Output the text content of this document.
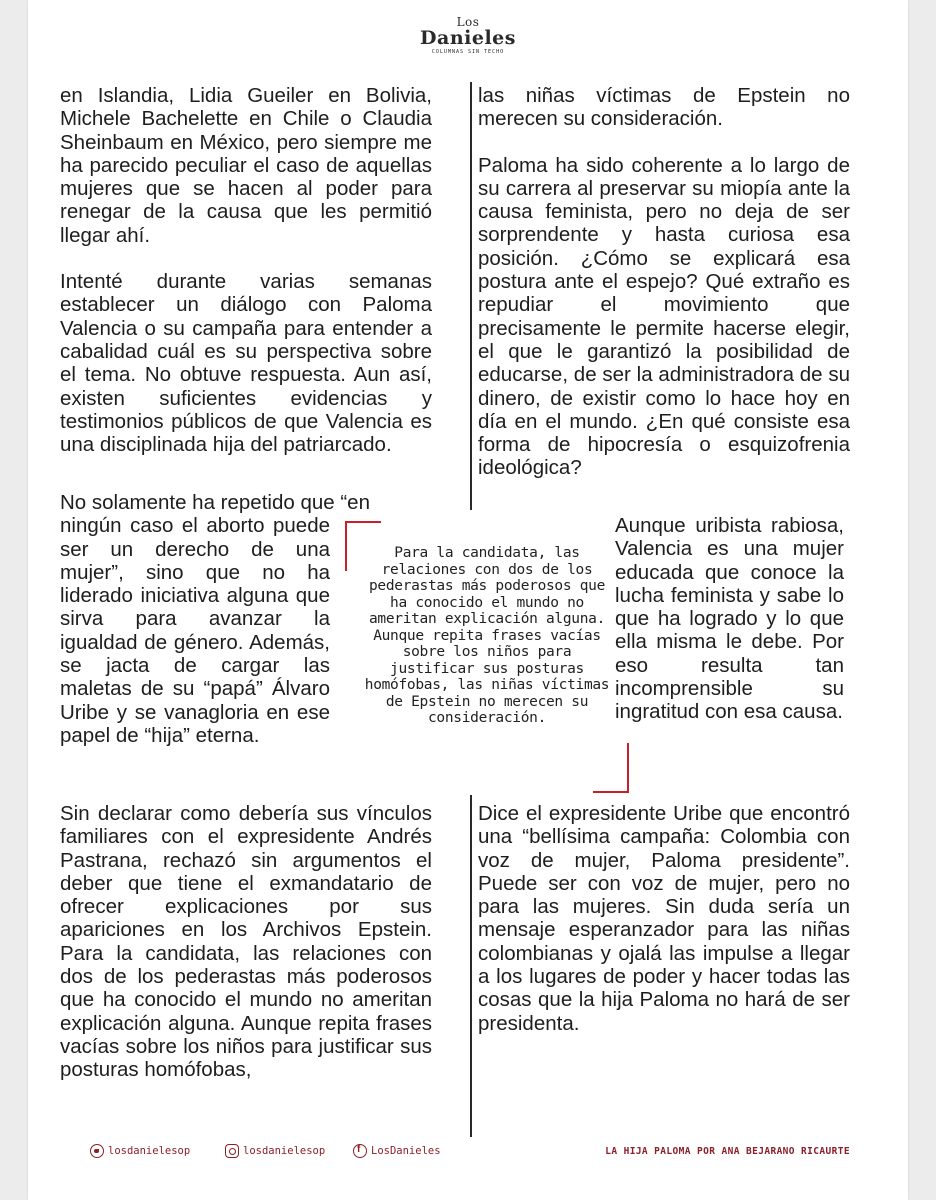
Los
Danieles
COLUMNAS SIN TECHO

en Islandia, Lidia Gueiler en Bolivia, Michele Bachelette en Chile o Claudia Sheinbaum en México, pero siempre me ha parecido peculiar el caso de aquellas mujeres que se hacen al poder para renegar de la causa que les permitió llegar ahí.

Intenté durante varias semanas establecer un diálogo con Paloma Valencia o su campaña para entender a cabalidad cuál es su perspectiva sobre el tema. No obtuve respuesta. Aun así, existen suficientes evidencias y testimonios públicos de que Valencia es una disciplinada hija del patriarcado.

No solamente ha repetido que “en
ningún caso el aborto puede ser un derecho de una mujer”, sino que no ha liderado iniciativa alguna que sirva para avanzar la igualdad de género. Además, se jacta de cargar las maletas de su “papá” Álvaro Uribe y se vanagloria en ese papel de “hija” eterna.

Sin declarar como debería sus vínculos familiares con el expresidente Andrés Pastrana, rechazó sin argumentos el deber que tiene el exmandatario de ofrecer explicaciones por sus apariciones en los Archivos Epstein. Para la candidata, las relaciones con dos de los pederastas más poderosos que ha conocido el mundo no ameritan explicación alguna. Aunque repita frases vacías sobre los niños para justificar sus posturas homófobas,

las niñas víctimas de Epstein no merecen su consideración.

Paloma ha sido coherente a lo largo de su carrera al preservar su miopía ante la causa feminista, pero no deja de ser sorprendente y hasta curiosa esa posición. ¿Cómo se explicará esa postura ante el espejo? Qué extraño es repudiar el movimiento que precisamente le permite hacerse elegir, el que le garantizó la posibilidad de educarse, de ser la administradora de su dinero, de existir como lo hace hoy en día en el mundo. ¿En qué consiste esa forma de hipocresía o esquizofrenia ideológica?

Aunque uribista rabiosa, Valencia es una mujer educada que conoce la lucha feminista y sabe lo que ha logrado y lo que ella misma le debe. Por eso resulta tan incomprensible su ingratitud con esa causa.

Dice el expresidente Uribe que encontró una “bellísima campaña: Colombia con voz de mujer, Paloma presidente”. Puede ser con voz de mujer, pero no para las mujeres. Sin duda sería un mensaje esperanzador para las niñas colombianas y ojalá las impulse a llegar a los lugares de poder y hacer todas las cosas que la hija Paloma no hará de ser presidenta.

Para la candidata, las relaciones con dos de los pederastas más poderosos que ha conocido el mundo no ameritan explicación alguna. Aunque repita frases vacías sobre los niños para justificar sus posturas homófobas, las niñas víctimas de Epstein no merecen su consideración.
losdanielesop	losdanielesop
f	LosDanieles	LA HIJA PALOMA POR ANA BEJARANO RICAURTE
